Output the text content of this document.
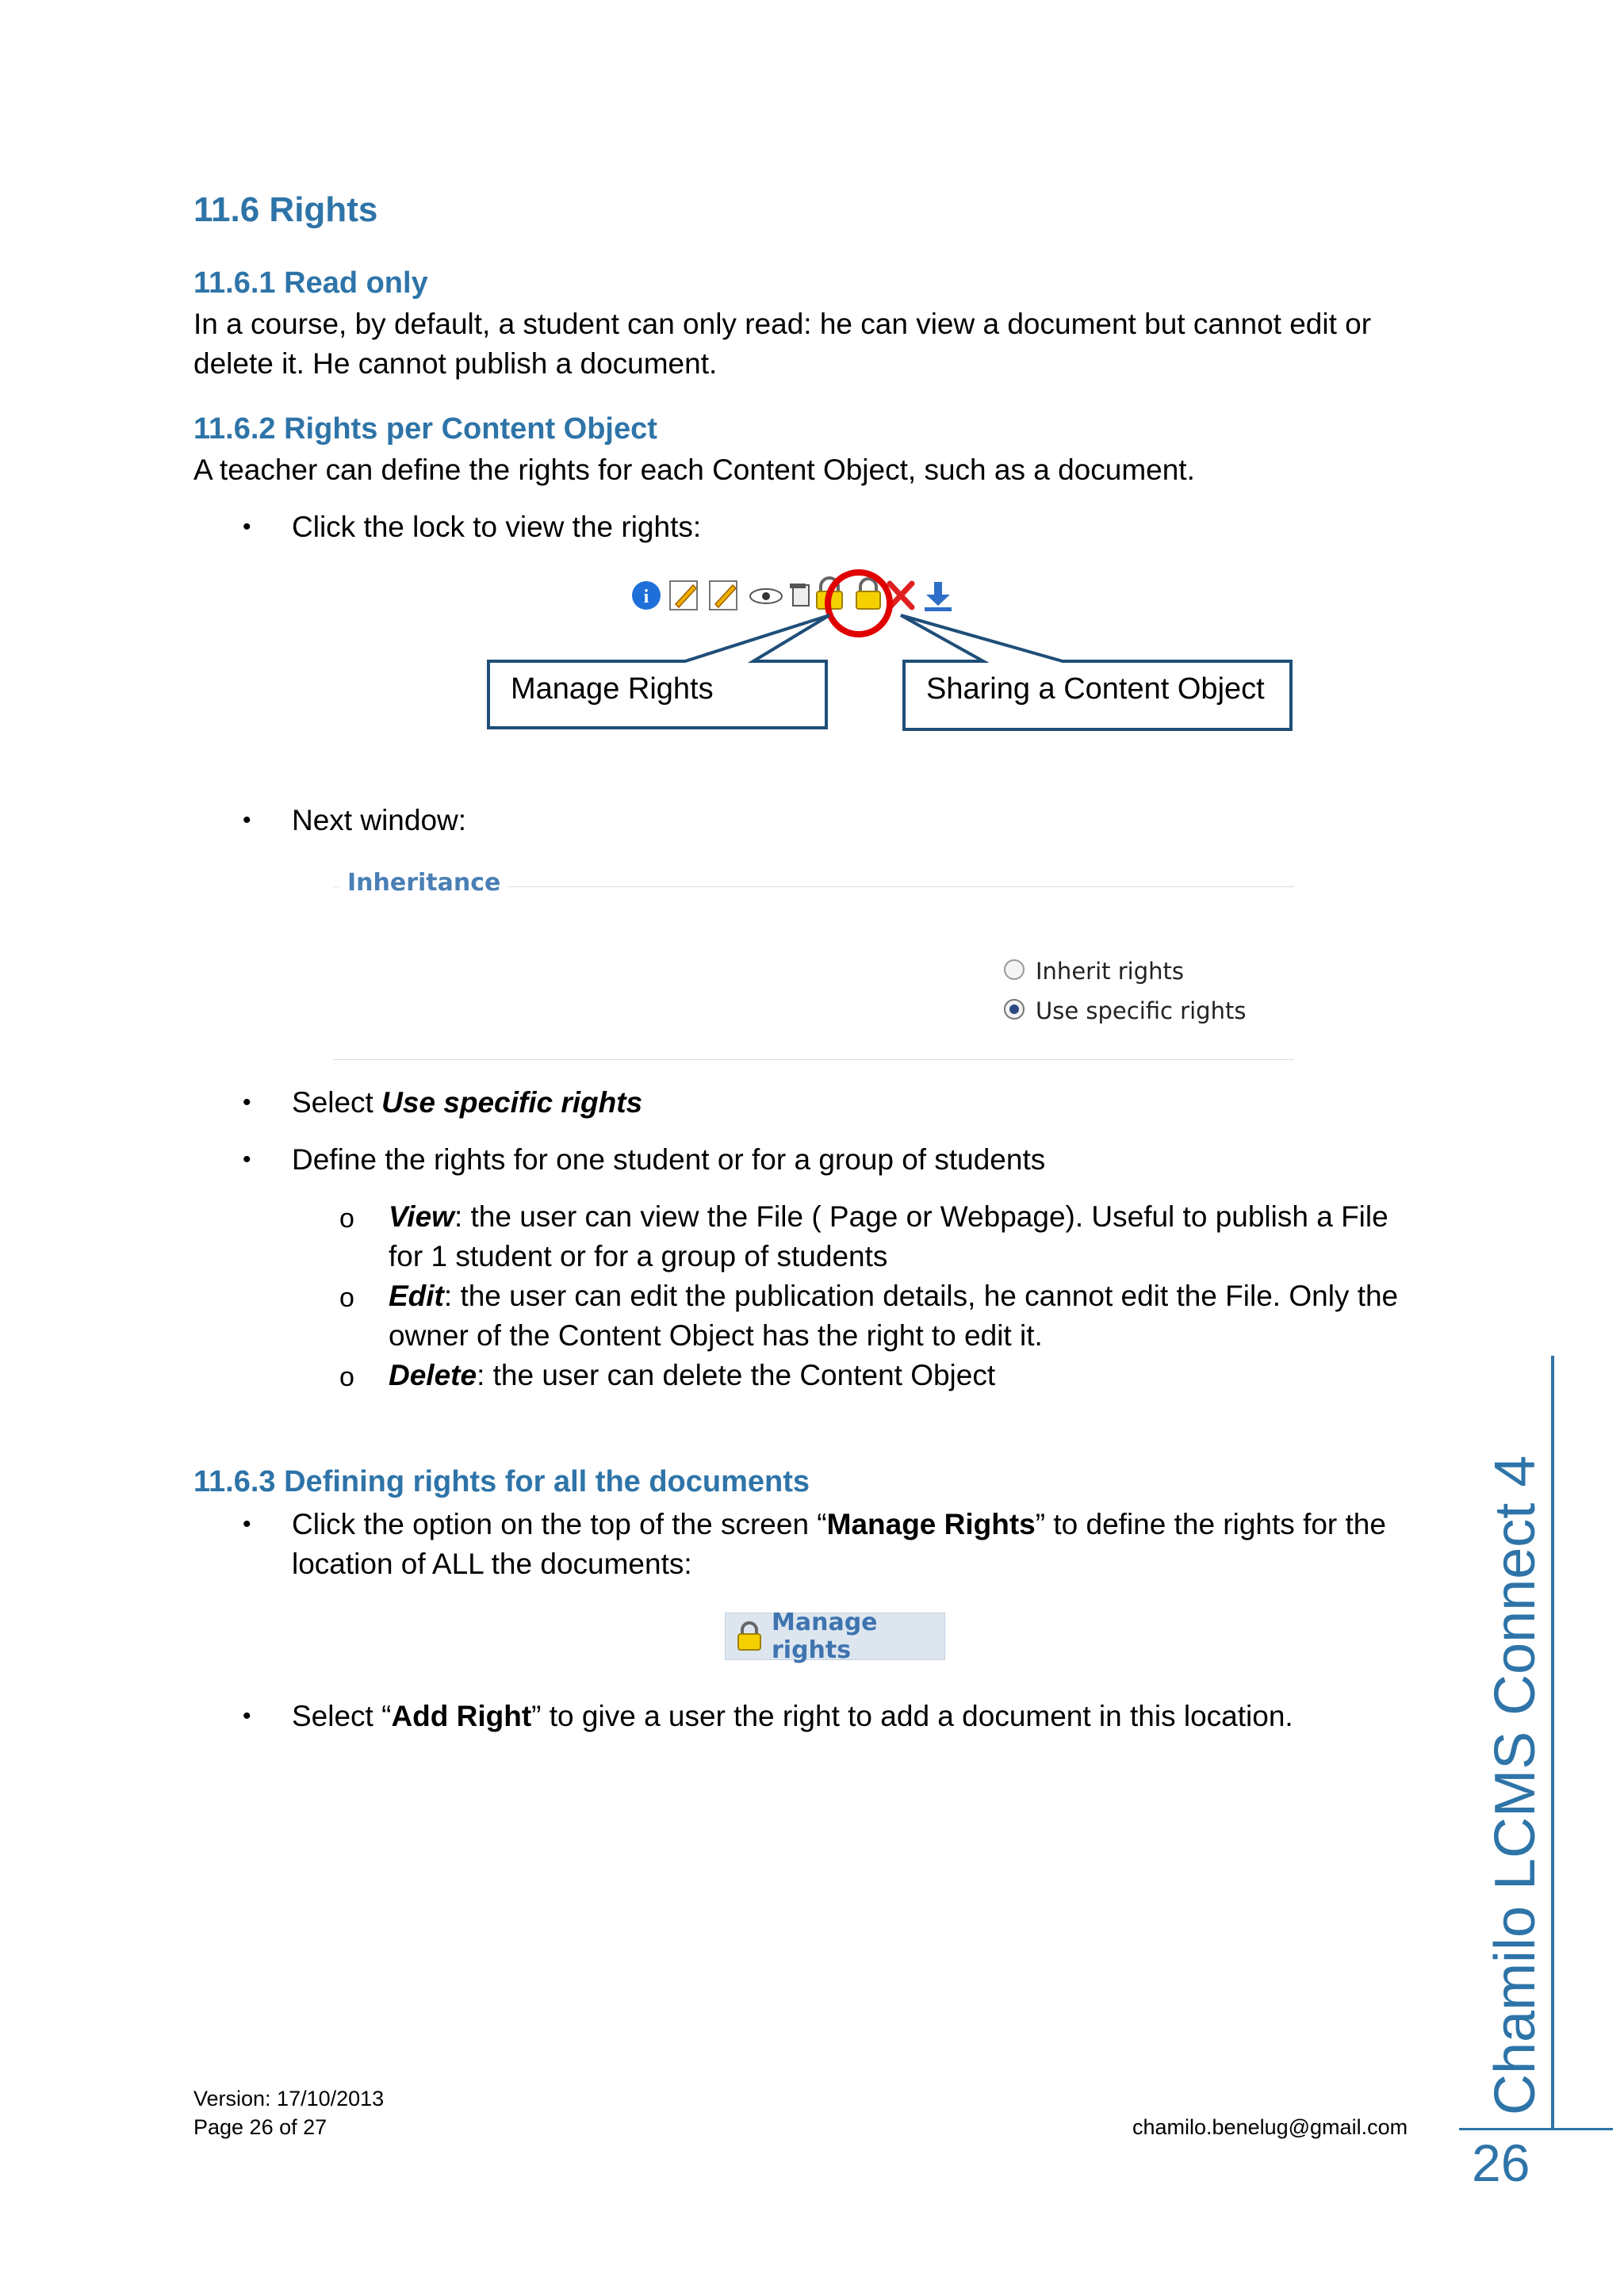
11.6 Rights
11.6.1 Read only
In a course, by default, a student can only read: he can view a document but cannot edit or
delete it. He cannot publish a document.
11.6.2 Rights per Content Object
A teacher can define the rights for each Content Object, such as a document.
• Click the lock to view the rights:
i
Manage Rights	Sharing a Content Object
• Next window:
Inheritance
Inherit rights
Use specific rights
• Select Use specific rights
• Define the rights for one student or for a group of students
o View: the user can view the File ( Page or Webpage). Useful to publish a File
for 1 student or for a group of students
o Edit: the user can edit the publication details, he cannot edit the File. Only the
owner of the Content Object has the right to edit it.
o Delete: the user can delete the Content Object
11.6.3 Defining rights for all the documents
• Click the option on the top of the screen “Manage Rights” to define the rights for the
location of ALL the documents:
Manage rights
• Select “Add Right” to give a user the right to add a document in this location.
Version: 17/10/2013
Page 26 of 27	chamilo.benelug@gmail.com
Chamilo LCMS Connect 4
26
